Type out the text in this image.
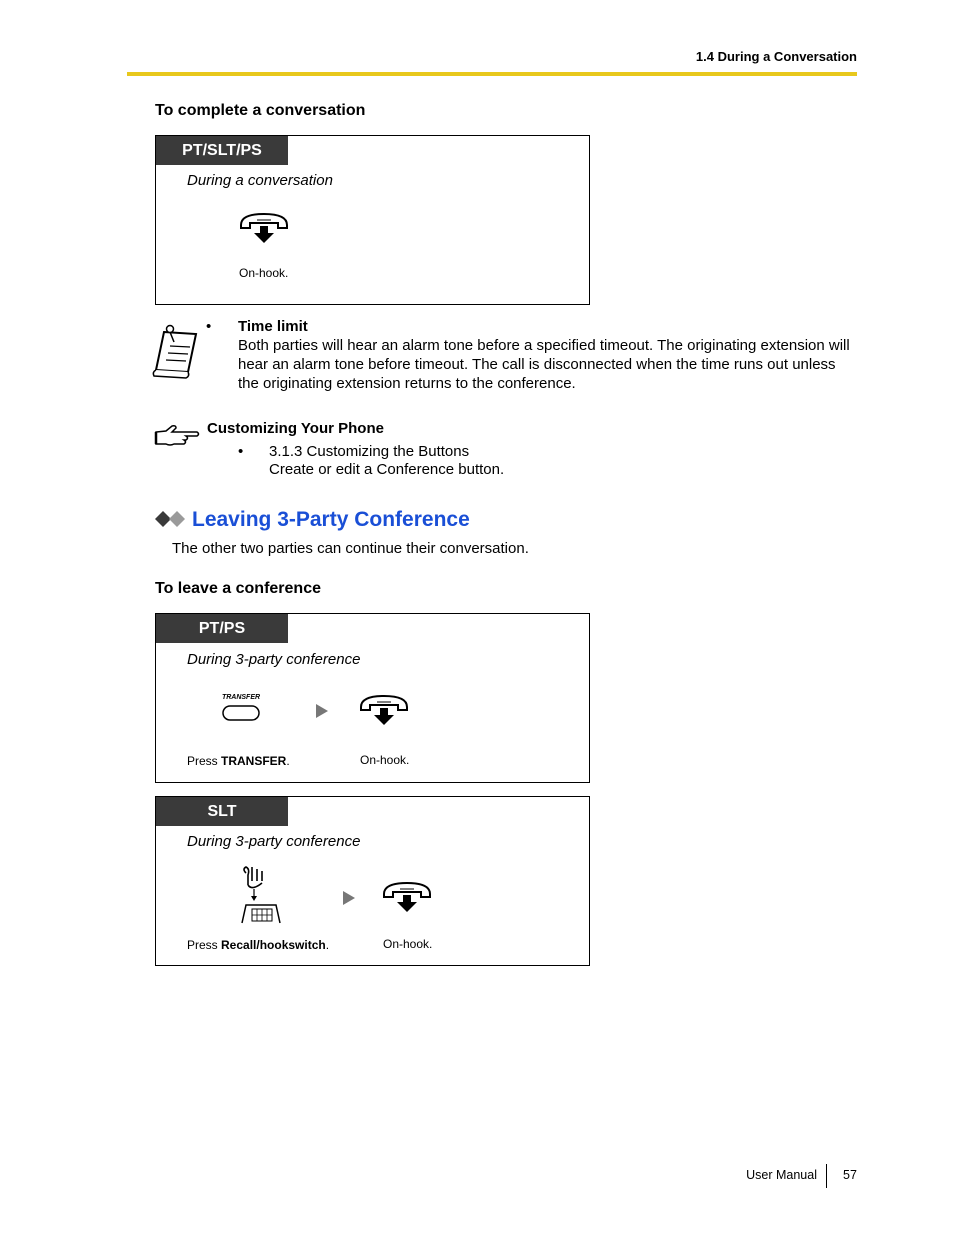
1.4 During a Conversation
To complete a conversation
PT/SLT/PS
During a conversation
On-hook.
• Time limit
Both parties will hear an alarm tone before a specified timeout. The originating extension will hear an alarm tone before timeout. The call is disconnected when the time runs out unless the originating extension returns to the conference.
Customizing Your Phone
• 3.1.3 Customizing the Buttons
Create or edit a Conference button.
Leaving 3-Party Conference
The other two parties can continue their conversation.
To leave a conference
PT/PS
During 3-party conference
TRANSFER
Press TRANSFER.	On-hook.
SLT
During 3-party conference
Press Recall/hookswitch.	On-hook.
User Manual 57
